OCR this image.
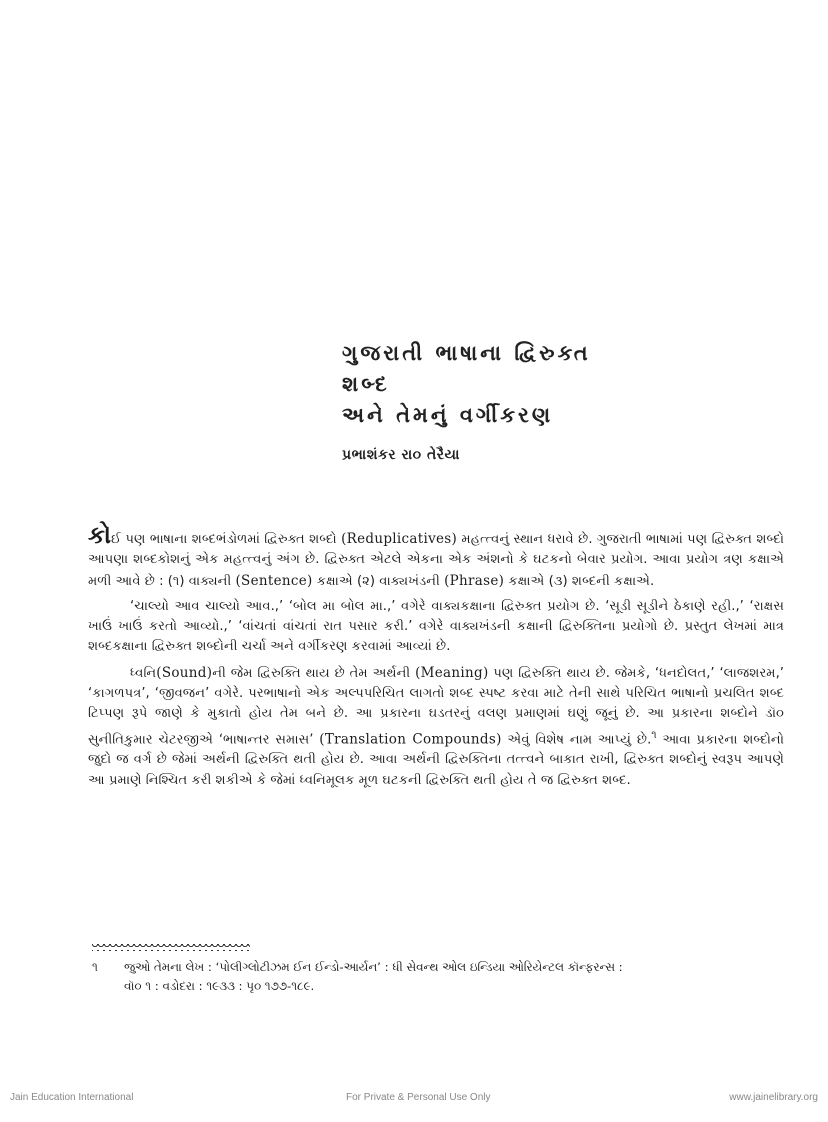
ગુજરાતી ભાષાના દ્વિરુક્ત શબ્દ
અને તેમનું વર્ગીકરણ
પ્રભાશંકર રા૦ તેરૈયા

કોઈ પણ ભાષાના શબ્દભંડોળમાં દ્વિરુક્ત શબ્દો (Reduplicatives) મહત્ત્વનું સ્થાન ધરાવે છે. ગુજરાતી ભાષામાં પણ દ્વિરુક્ત શબ્દો આપણા શબ્દકોશનું એક મહત્ત્વનું અંગ છે. દ્વિરુક્ત એટલે એકના એક અંશનો કે ઘટકનો બેવાર પ્રયોગ. આવા પ્રયોગ ત્રણ કક્ષાએ મળી આવે છે : (૧) વાક્યની (Sentence) કક્ષાએ (૨) વાક્યખંડની (Phrase) કક્ષાએ (૩) શબ્દની કક્ષાએ.

‘ચાલ્યો આવ ચાલ્યો આવ.,’ ‘બોલ મા બોલ મા.,’ વગેરે વાક્યકક્ષાના દ્વિરુક્ત પ્રયોગ છે. ‘સૂડી સૂડીને ઠેકાણે રહી.,’ ‘રાક્ષસ ખાઉં ખાઉં કરતો આવ્યો.,’ ‘વાંચતાં વાંચતાં રાત પસાર કરી.’ વગેરે વાક્યખંડની કક્ષાની દ્વિરુક્તિના પ્રયોગો છે. પ્રસ્તુત લેખમાં માત્ર શબ્દકક્ષાના દ્વિરુક્ત શબ્દોની ચર્ચા અને વર્ગીકરણ કરવામાં આવ્યાં છે.

ધ્વનિ(Sound)ની જેમ દ્વિરુક્તિ થાય છે તેમ અર્થની (Meaning) પણ દ્વિરુક્તિ થાય છે. જેમકે, ‘ધનદોલત,’ ‘લાજશરમ,’ ‘કાગળપત્ર’, ‘જીવજન’ વગેરે. પરભાષાનો એક અલ્પપરિચિત લાગતો શબ્દ સ્પષ્ટ કરવા માટે તેની સાથે પરિચિત ભાષાનો પ્રચલિત શબ્દ ટિપ્પણ રૂપે જાણે કે મુકાતો હોય તેમ બને છે. આ પ્રકારના ઘડતરનું વલણ પ્રમાણમાં ઘણું જૂનું છે. આ પ્રકારના શબ્દોને ડૉ૦ સુનીતિકુમાર ચેટરજીએ ‘ભાષાન્તર સમાસ’ (Translation Compounds) એવું વિશેષ નામ આપ્યું છે.$^૧$ આવા પ્રકારના શબ્દોનો જુદો જ વર્ગ છે જેમાં અર્થની દ્વિરુક્તિ થતી હોય છે. આવા અર્થની દ્વિરુક્તિના તત્ત્વને બાકાત રાખી, દ્વિરુક્ત શબ્દોનું સ્વરૂપ આપણે આ પ્રમાણે નિશ્ચિત કરી શકીએ કે જેમાં ધ્વનિમૂલક મૂળ ઘટકની દ્વિરુક્તિ થતી હોય તે જ દ્વિરુક્ત શબ્દ.

૧ જુઓ તેમના લેખ : ‘પોલીગ્લોટીઝમ ઈન ઈન્ડો-આર્યન’ : ધી સેવન્થ ઓલ ઇન્ડિયા ઓરિયેન્ટલ કૉન્ફરન્સ :
વૉ૦ ૧ : વડોદરા : ૧૯૩૩ : પૃ૦ ૧૭૭-૧૮૯.
Jain Education International	For Private & Personal Use Only	www.jainelibrary.org
